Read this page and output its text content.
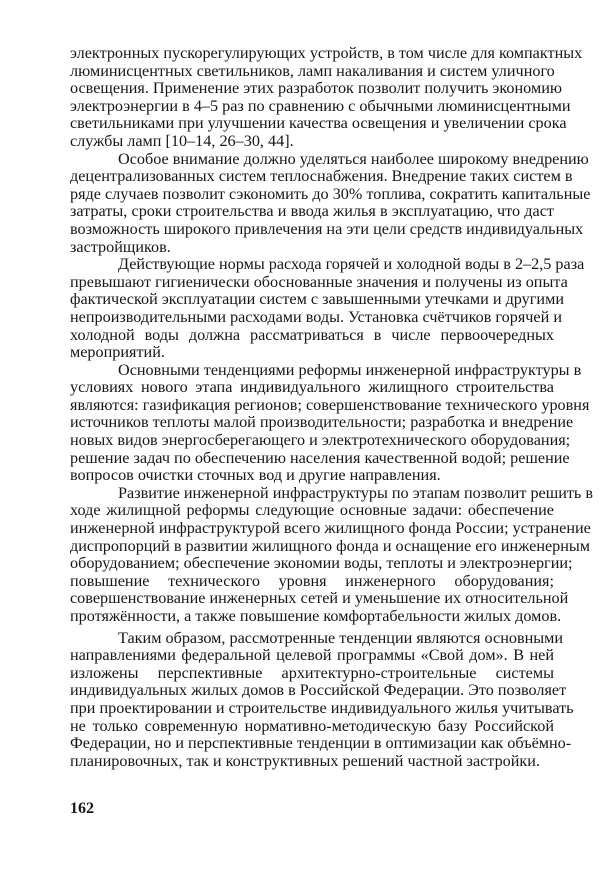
электронных пускорегулирующих устройств, в том числе для компактных
люминисцентных светильников, ламп накаливания и систем уличного
освещения. Применение этих разработок позволит получить экономию
электроэнергии в 4–5 раз по сравнению с обычными люминисцентными
светильниками при улучшении качества освещения и увеличении срока
службы ламп [10–14, 26–30, 44].
Особое внимание должно уделяться наиболее широкому внедрению
децентрализованных систем теплоснабжения. Внедрение таких систем в
ряде случаев позволит сэкономить до 30% топлива, сократить капитальные
затраты, сроки строительства и ввода жилья в эксплуатацию, что даст
возможность широкого привлечения на эти цели средств индивидуальных
застройщиков.
Действующие нормы расхода горячей и холодной воды в 2–2,5 раза
превышают гигиенически обоснованные значения и получены из опыта
фактической эксплуатации систем с завышенными утечками и другими
непроизводительными расходами воды. Установка счётчиков горячей и
холодной воды должна рассматриваться в числе первоочередных
мероприятий.
Основными тенденциями реформы инженерной инфраструктуры в
условиях нового этапа индивидуального жилищного строительства
являются: газификация регионов; совершенствование технического уровня
источников теплоты малой производительности; разработка и внедрение
новых видов энергосберегающего и электротехнического оборудования;
решение задач по обеспечению населения качественной водой; решение
вопросов очистки сточных вод и другие направления.
Развитие инженерной инфраструктуры по этапам позволит решить в
ходе жилищной реформы следующие основные задачи: обеспечение
инженерной инфраструктурой всего жилищного фонда России; устранение
диспропорций в развитии жилищного фонда и оснащение его инженерным
оборудованием; обеспечение экономии воды, теплоты и электроэнергии;
повышение технического уровня инженерного оборудования;
совершенствование инженерных сетей и уменьшение их относительной
протяжённости, а также повышение комфортабельности жилых домов.
Таким образом, рассмотренные тенденции являются основными
направлениями федеральной целевой программы «Свой дом». В ней
изложены перспективные архитектурно-строительные системы
индивидуальных жилых домов в Российской Федерации. Это позволяет
при проектировании и строительстве индивидуального жилья учитывать
не только современную нормативно-методическую базу Российской
Федерации, но и перспективные тенденции в оптимизации как объёмно-
планировочных, так и конструктивных решений частной застройки.
162
